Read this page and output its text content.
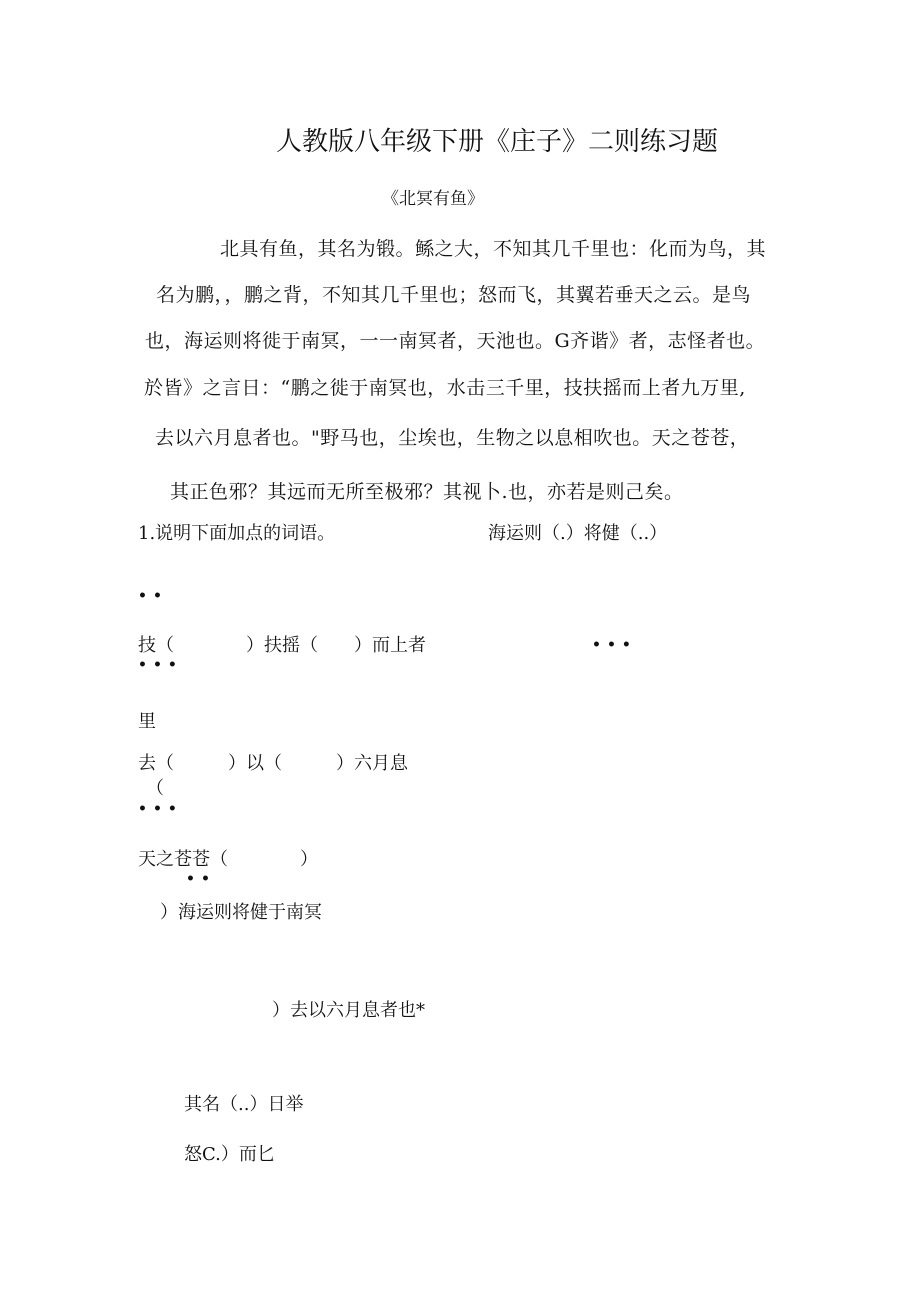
人教版八年级下册《庄子》二则练习题
《北冥有鱼》
北具有鱼，其名为锻。鲧之大，不知其几千里也：化而为鸟，其
名为鹏，，鹏之背，不知其几千里也；怒而飞，其翼若垂天之云。是鸟
也，海运则将徙于南冥，一一南冥者，天池也。G齐谐》者，志怪者也。
於皆》之言日：“鹏之徙于南冥也，水击三千里，技扶摇而上者九万里,
去以六月息者也。"野马也，尘埃也，生物之以息相吹也。天之苍苍，
其正色邪？其远而无所至极邪？其视卜.也，亦若是则己矣。
1.说明下面加点的词语。	海运则（.）将健（..）
••
技（　　　　）扶摇（　　）而上者	•••
•••
里
去（　　　）以（　　　）六月息
（
•••
天之苍苍（　　　　）
••
）海运则将健于南冥
）去以六月息者也*
其名（..）日举
怒C.）而匕
